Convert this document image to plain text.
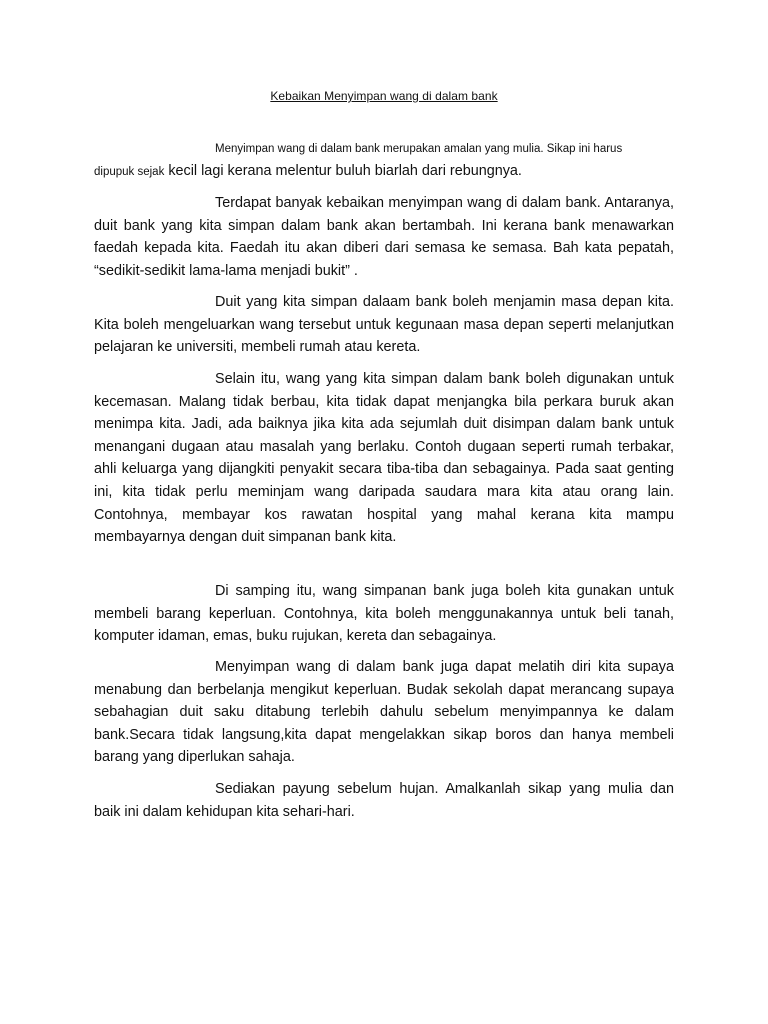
Kebaikan Menyimpan wang di dalam bank
Menyimpan wang di dalam bank merupakan amalan yang mulia. Sikap ini harus
dipupuk sejak kecil lagi kerana melentur buluh biarlah dari rebungnya.

Terdapat banyak kebaikan menyimpan wang di dalam bank. Antaranya, duit bank yang kita simpan dalam bank akan bertambah. Ini kerana bank menawarkan faedah kepada kita. Faedah itu akan diberi dari semasa ke semasa. Bah kata pepatah, “sedikit-sedikit lama-lama menjadi bukit” .

Duit yang kita simpan dalaam bank boleh menjamin masa depan kita. Kita boleh mengeluarkan wang tersebut untuk kegunaan masa depan seperti melanjutkan pelajaran ke universiti, membeli rumah atau kereta.

Selain itu, wang yang kita simpan dalam bank boleh digunakan untuk kecemasan. Malang tidak berbau, kita tidak dapat menjangka bila perkara buruk akan menimpa kita. Jadi, ada baiknya jika kita ada sejumlah duit disimpan dalam bank untuk menangani dugaan atau masalah yang berlaku. Contoh dugaan seperti rumah terbakar, ahli keluarga yang dijangkiti penyakit secara tiba-tiba dan sebagainya. Pada saat genting ini, kita tidak perlu meminjam wang daripada saudara mara kita atau orang lain. Contohnya, membayar kos rawatan hospital yang mahal kerana kita mampu membayarnya dengan duit simpanan bank kita.

Di samping itu, wang simpanan bank juga boleh kita gunakan untuk membeli barang keperluan. Contohnya, kita boleh menggunakannya untuk beli tanah, komputer idaman, emas, buku rujukan, kereta dan sebagainya.

Menyimpan wang di dalam bank juga dapat melatih diri kita supaya menabung dan berbelanja mengikut keperluan. Budak sekolah dapat merancang supaya sebahagian duit saku ditabung terlebih dahulu sebelum menyimpannya ke dalam bank.Secara tidak langsung,kita dapat mengelakkan sikap boros dan hanya membeli barang yang diperlukan sahaja.

Sediakan payung sebelum hujan. Amalkanlah sikap yang mulia dan baik ini dalam kehidupan kita sehari-hari.
